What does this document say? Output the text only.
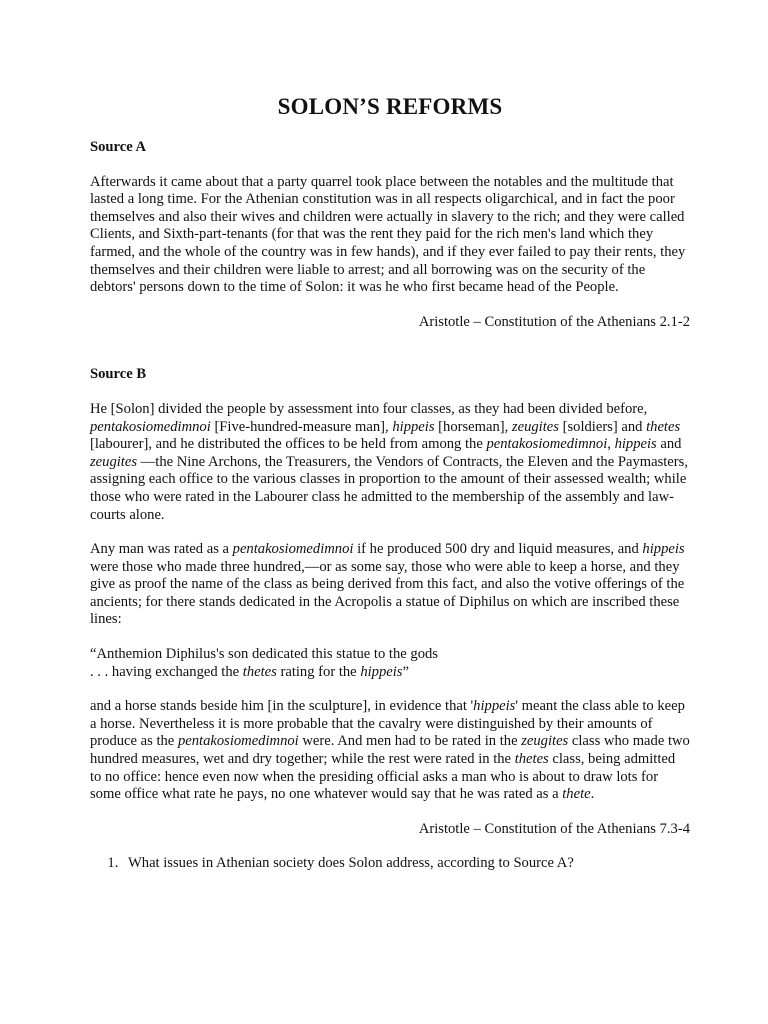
SOLON’S REFORMS

Source A

Afterwards it came about that a party quarrel took place between the notables and the multitude that lasted a long time. For the Athenian constitution was in all respects oligarchical, and in fact the poor themselves and also their wives and children were actually in slavery to the rich; and they were called Clients, and Sixth-part-tenants (for that was the rent they paid for the rich men's land which they farmed, and the whole of the country was in few hands), and if they ever failed to pay their rents, they themselves and their children were liable to arrest; and all borrowing was on the security of the debtors' persons down to the time of Solon: it was he who first became head of the People.

Aristotle – Constitution of the Athenians 2.1-2

Source B

He [Solon] divided the people by assessment into four classes, as they had been divided before, pentakosiomedimnoi [Five-hundred-measure man], hippeis [horseman], zeugites [soldiers] and thetes [labourer], and he distributed the offices to be held from among the pentakosiomedimnoi, hippeis and zeugites —the Nine Archons, the Treasurers, the Vendors of Contracts, the Eleven and the Paymasters, assigning each office to the various classes in proportion to the amount of their assessed wealth; while those who were rated in the Labourer class he admitted to the membership of the assembly and law-courts alone.

Any man was rated as a pentakosiomedimnoi if he produced 500 dry and liquid measures, and hippeis were those who made three hundred,—or as some say, those who were able to keep a horse, and they give as proof the name of the class as being derived from this fact, and also the votive offerings of the ancients; for there stands dedicated in the Acropolis a statue of Diphilus on which are inscribed these lines:

“Anthemion Diphilus's son dedicated this statue to the gods
. . . having exchanged the thetes rating for the hippeis”

and a horse stands beside him [in the sculpture], in evidence that 'hippeis' meant the class able to keep a horse. Nevertheless it is more probable that the cavalry were distinguished by their amounts of produce as the pentakosiomedimnoi were. And men had to be rated in the zeugites class who made two hundred measures, wet and dry together; while the rest were rated in the thetes class, being admitted to no office: hence even now when the presiding official asks a man who is about to draw lots for some office what rate he pays, no one whatever would say that he was rated as a thete.

Aristotle – Constitution of the Athenians 7.3-4

1. What issues in Athenian society does Solon address, according to Source A?
